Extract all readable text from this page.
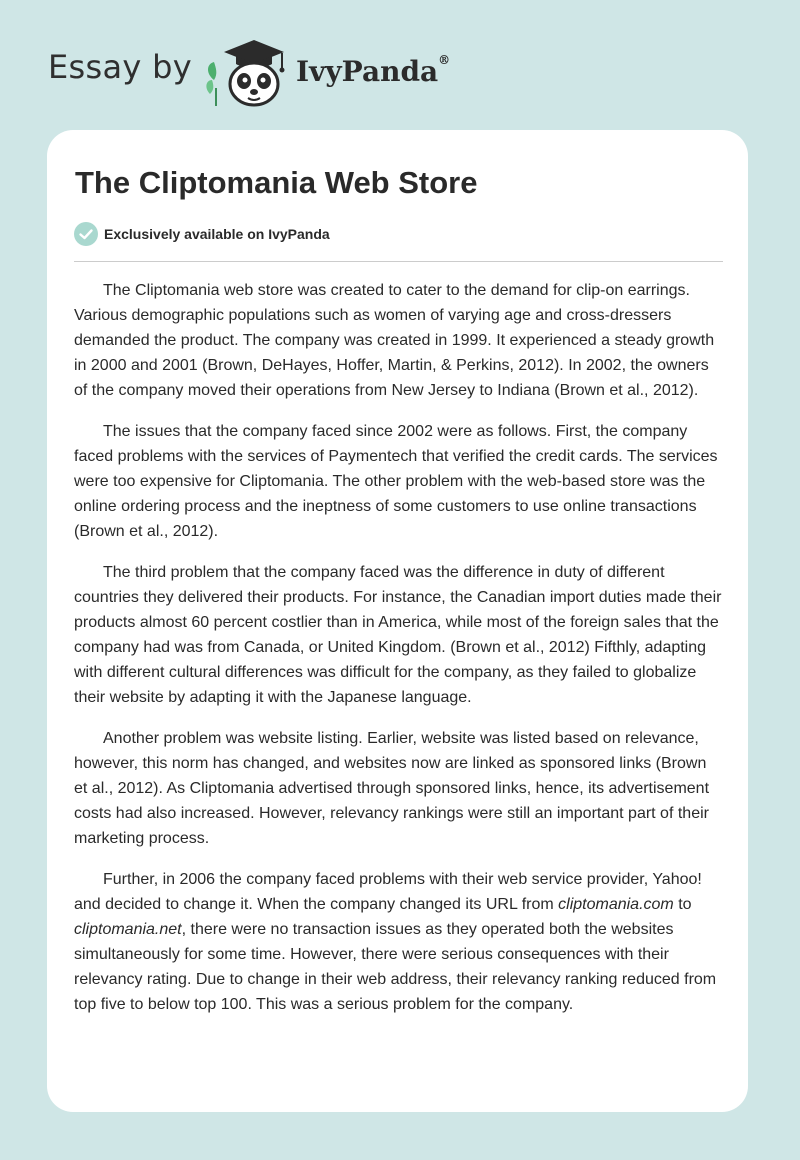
Essay by	IvyPanda®
The Cliptomania Web Store
Exclusively available on IvyPanda

The Cliptomania web store was created to cater to the demand for clip-on earrings. Various demographic populations such as women of varying age and cross-dressers demanded the product. The company was created in 1999. It experienced a steady growth in 2000 and 2001 (Brown, DeHayes, Hoffer, Martin, & Perkins, 2012). In 2002, the owners of the company moved their operations from New Jersey to Indiana (Brown et al., 2012).

The issues that the company faced since 2002 were as follows. First, the company faced problems with the services of Paymentech that verified the credit cards. The services were too expensive for Cliptomania. The other problem with the web-based store was the online ordering process and the ineptness of some customers to use online transactions (Brown et al., 2012).

The third problem that the company faced was the difference in duty of different countries they delivered their products. For instance, the Canadian import duties made their products almost 60 percent costlier than in America, while most of the foreign sales that the company had was from Canada, or United Kingdom. (Brown et al., 2012) Fifthly, adapting with different cultural differences was difficult for the company, as they failed to globalize their website by adapting it with the Japanese language.

Another problem was website listing. Earlier, website was listed based on relevance, however, this norm has changed, and websites now are linked as sponsored links (Brown et al., 2012). As Cliptomania advertised through sponsored links, hence, its advertisement costs had also increased. However, relevancy rankings were still an important part of their marketing process.

Further, in 2006 the company faced problems with their web service provider, Yahoo! and decided to change it. When the company changed its URL from cliptomania.com to cliptomania.net, there were no transaction issues as they operated both the websites simultaneously for some time. However, there were serious consequences with their relevancy rating. Due to change in their web address, their relevancy ranking reduced from top five to below top 100. This was a serious problem for the company.
